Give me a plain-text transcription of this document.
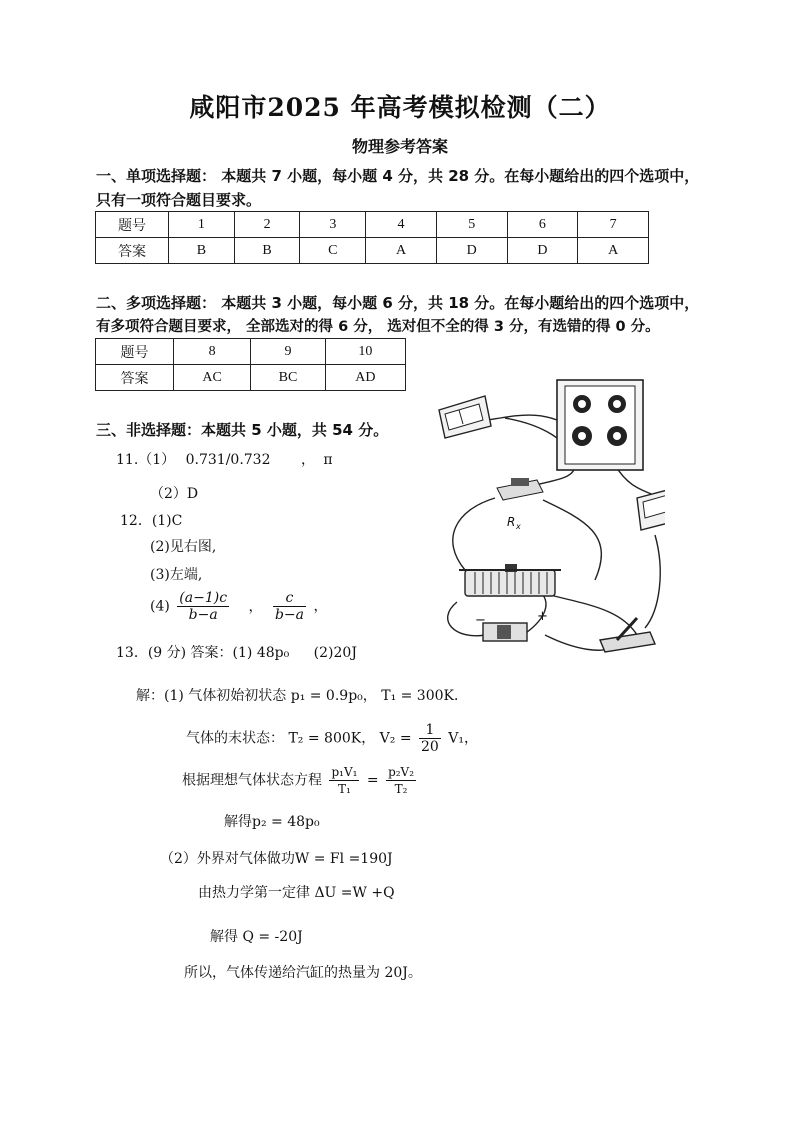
咸阳市2025 年高考模拟检测（二）
物理参考答案
一、单项选择题： 本题共 7 小题，每小题 4 分，共 28 分。在每小题给出的四个选项中，
只有一项符合题目要求。
题号	1	2	3	4	5	6	7
答案	B	B	C	A	D	D	A
二、多项选择题： 本题共 3 小题，每小题 6 分，共 18 分。在每小题给出的四个选项中，
有多项符合题目要求， 全部选对的得 6 分， 选对但不全的得 3 分，有选错的得 0 分。
题号	8	9	10
答案	AC	BC	AD
三、非选择题：本题共 5 小题，共 54 分。
11.（1） 0.731/0.732 ， π
（2）D
12．(1)C
(2)见右图,
(3)左端,
$(4) \frac{(a-1)c}{b-a}$ ， $\frac{c}{b-a}$ ，
13．(9 分) 答案：(1) 48p₀ (2)20J
解：(1) 气体初始初状态 p₁ = 0.9p₀， T₁ = 300K．
气体的末状态： T₂ = 800K， $V_2 = \frac{1}{20} V_1$，
根据理想气体状态方程 $\frac{\text{p₁V₁}}{\text{T₁}} = \frac{\text{p₂V₂}}{\text{T₂}}$
解得p₂ = 48p₀
（2）外界对气体做功W = Fl =190J
由热力学第一定律 ΔU =W +Q
解得 Q = -20J
所以，气体传递给汽缸的热量为 20J。
R x
−	+
